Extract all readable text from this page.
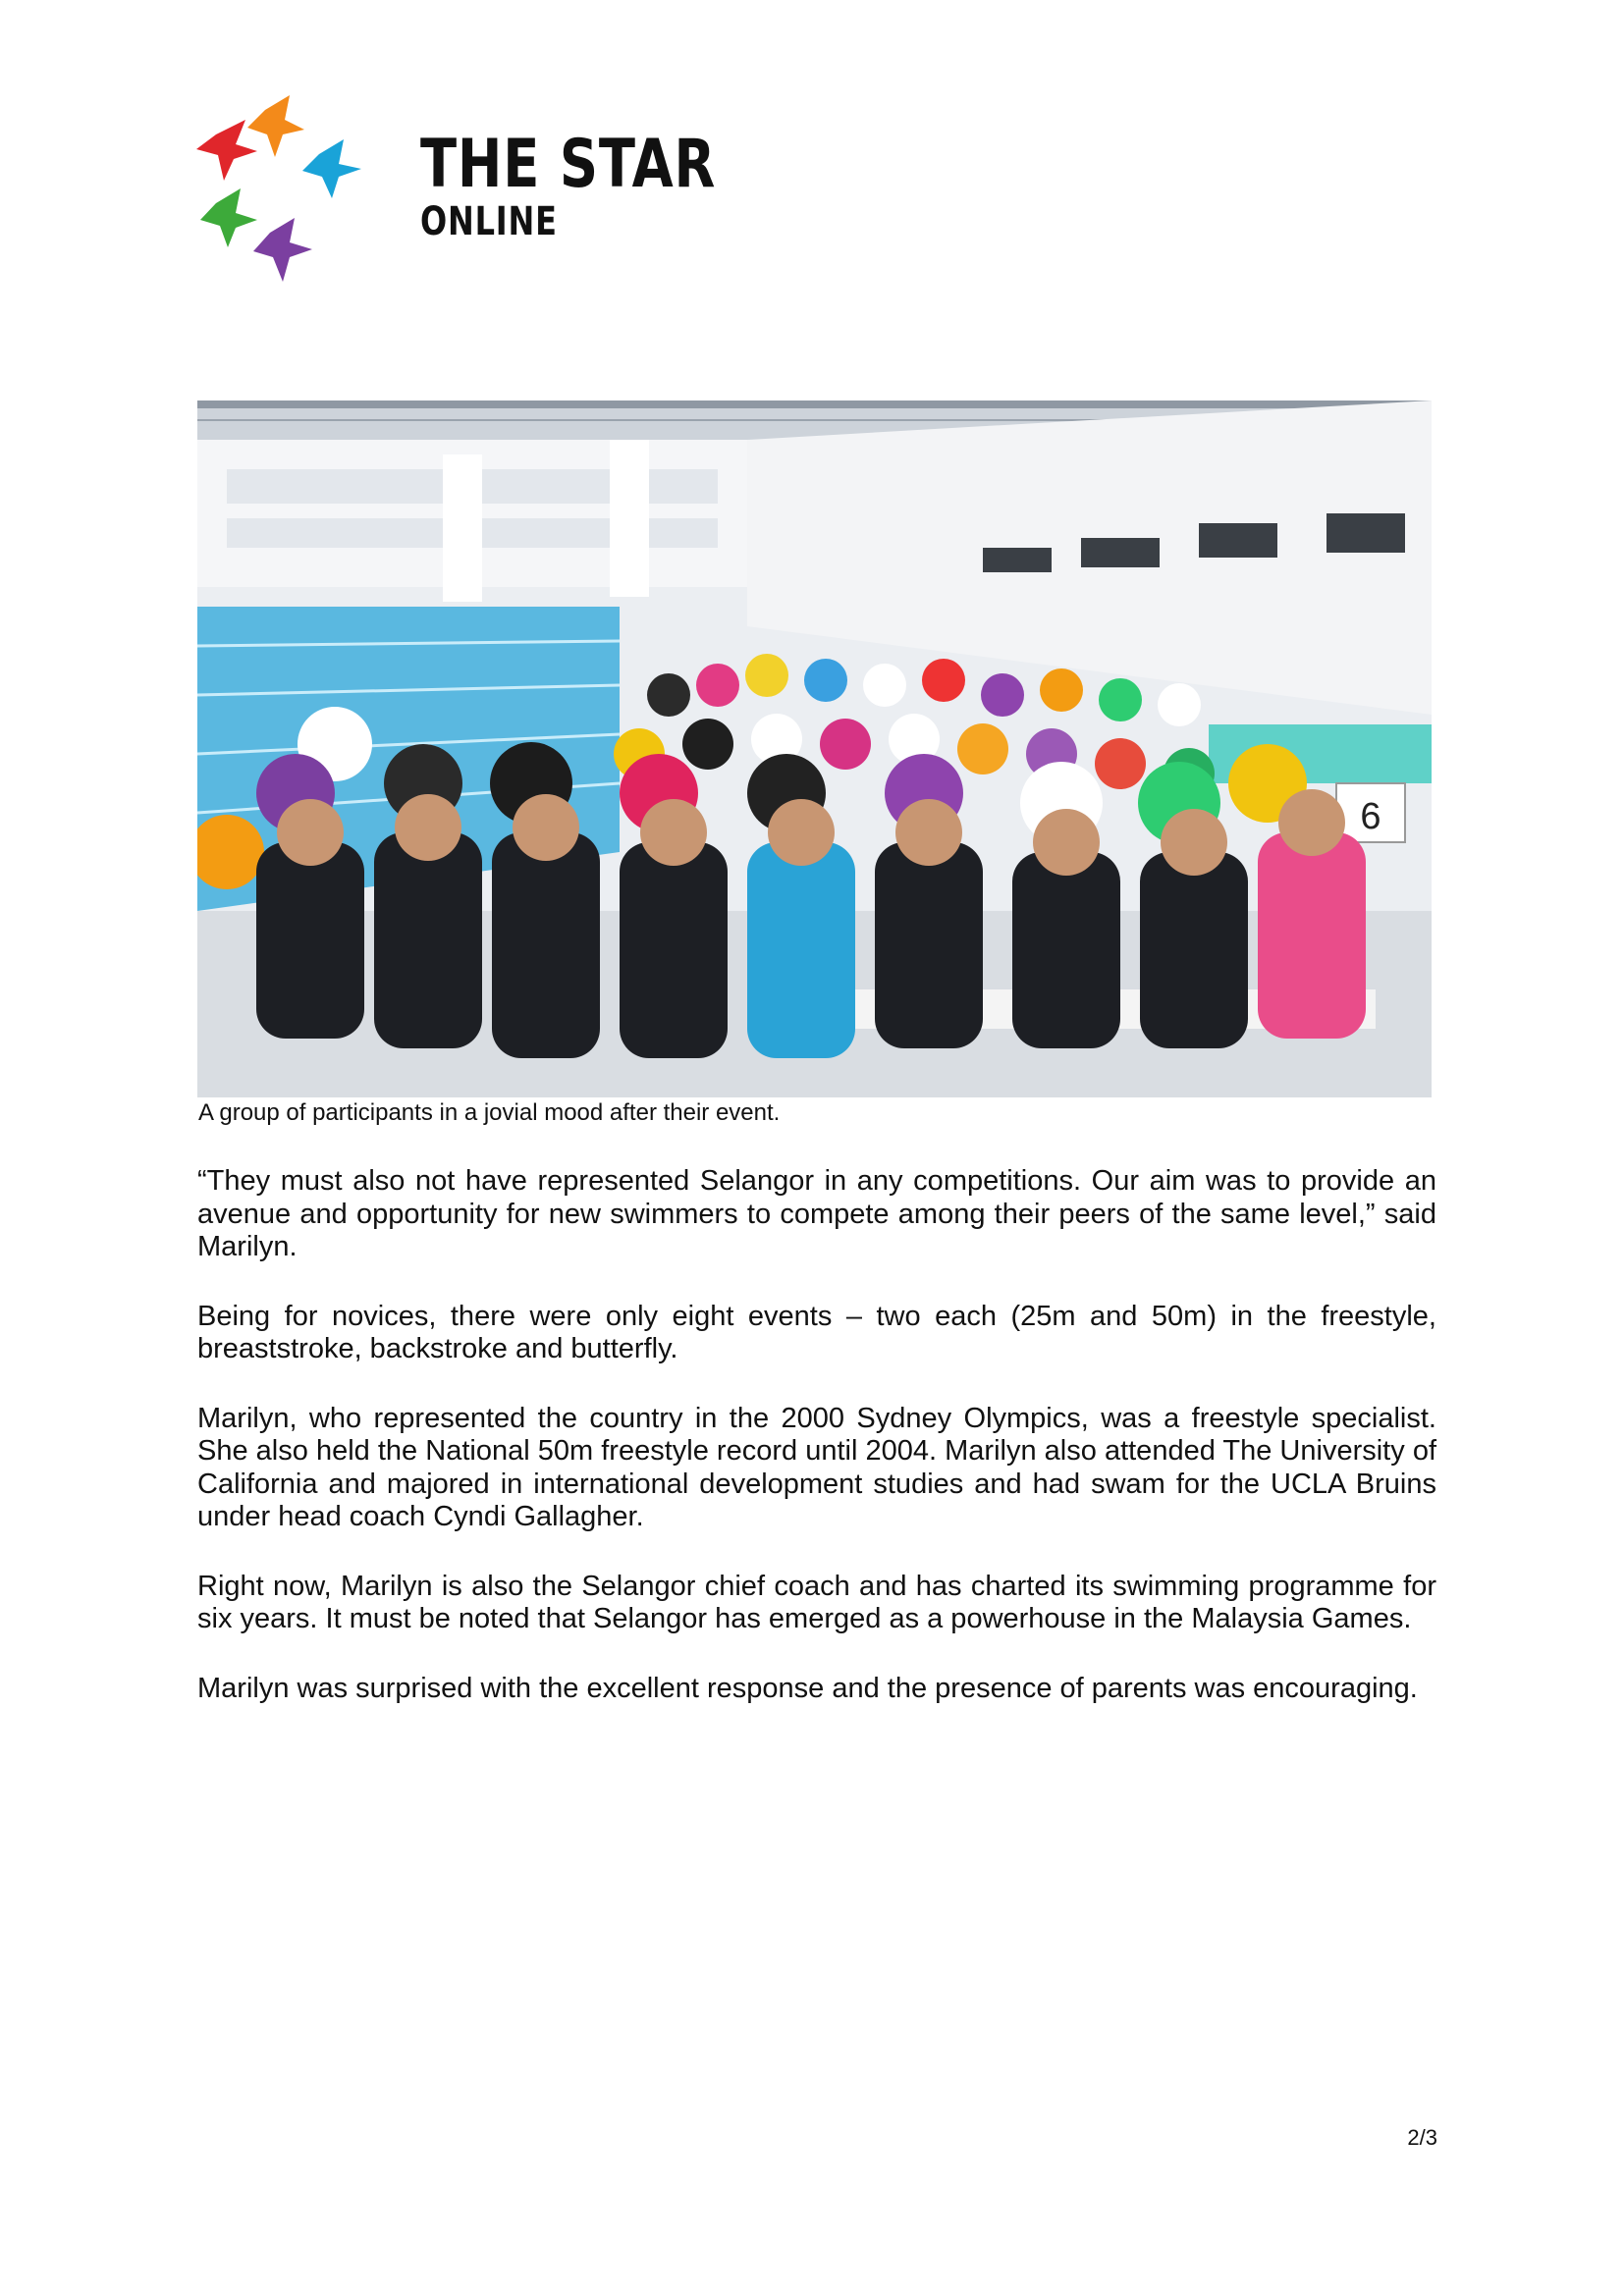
THE STAR
ONLINE
6
A group of participants in a jovial mood after their event.

“They must also not have represented Selangor in any competitions. Our aim was to provide an avenue and opportunity for new swimmers to compete among their peers of the same level,” said Marilyn.

Being for novices, there were only eight events – two each (25m and 50m) in the freestyle, breaststroke, backstroke and butterfly.

Marilyn, who represented the country in the 2000 Sydney Olympics, was a freestyle specialist. She also held the National 50m freestyle record until 2004. Marilyn also attended The University of California and majored in international development studies and had swam for the UCLA Bruins under head coach Cyndi Gallagher.

Right now, Marilyn is also the Selangor chief coach and has charted its swimming programme for six years. It must be noted that Selangor has emerged as a powerhouse in the Malaysia Games.

Marilyn was surprised with the excellent response and the presence of parents was encouraging.

2/3
